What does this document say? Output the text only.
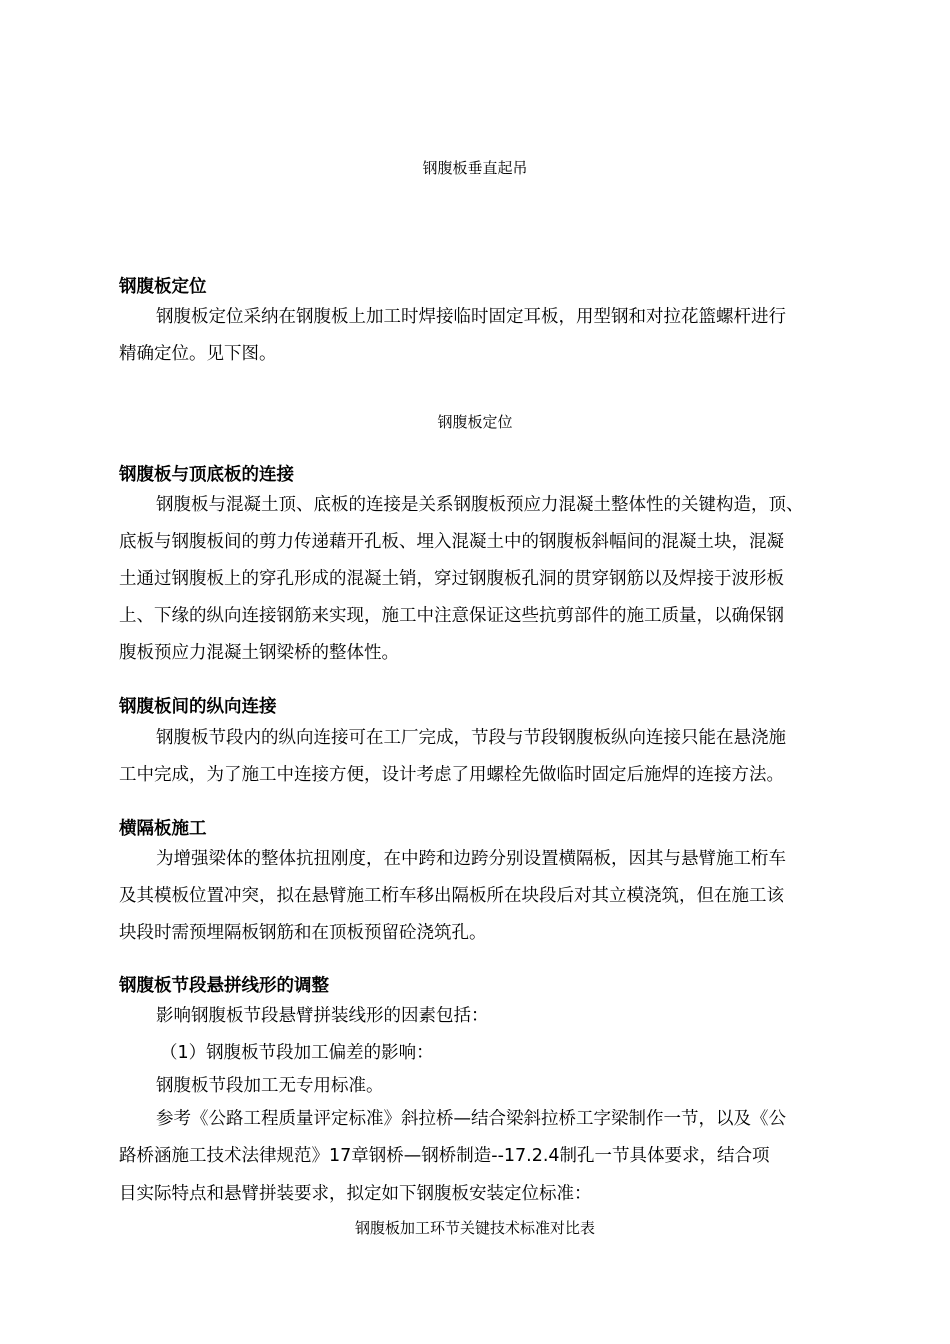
钢腹板垂直起吊
钢腹板定位
钢腹板定位采纳在钢腹板上加工时焊接临时固定耳板，用型钢和对拉花篮螺杆进行
精确定位。见下图。
钢腹板定位
钢腹板与顶底板的连接
钢腹板与混凝土顶、底板的连接是关系钢腹板预应力混凝土整体性的关键构造，顶、
底板与钢腹板间的剪力传递藉开孔板、埋入混凝土中的钢腹板斜幅间的混凝土块，混凝
土通过钢腹板上的穿孔形成的混凝土销，穿过钢腹板孔洞的贯穿钢筋以及焊接于波形板
上、下缘的纵向连接钢筋来实现，施工中注意保证这些抗剪部件的施工质量，以确保钢
腹板预应力混凝土钢梁桥的整体性。
钢腹板间的纵向连接
钢腹板节段内的纵向连接可在工厂完成，节段与节段钢腹板纵向连接只能在悬浇施
工中完成，为了施工中连接方便，设计考虑了用螺栓先做临时固定后施焊的连接方法。
横隔板施工
为增强梁体的整体抗扭刚度，在中跨和边跨分别设置横隔板，因其与悬臂施工桁车
及其模板位置冲突，拟在悬臂施工桁车移出隔板所在块段后对其立模浇筑，但在施工该
块段时需预埋隔板钢筋和在顶板预留砼浇筑孔。
钢腹板节段悬拼线形的调整
影响钢腹板节段悬臂拼装线形的因素包括：
（1）钢腹板节段加工偏差的影响：
钢腹板节段加工无专用标准。
参考《公路工程质量评定标准》斜拉桥—结合梁斜拉桥工字梁制作一节，以及《公
路桥涵施工技术法律规范》17章钢桥—钢桥制造--17.2.4制孔一节具体要求，结合项
目实际特点和悬臂拼装要求，拟定如下钢腹板安装定位标准：
钢腹板加工环节关键技术标准对比表
